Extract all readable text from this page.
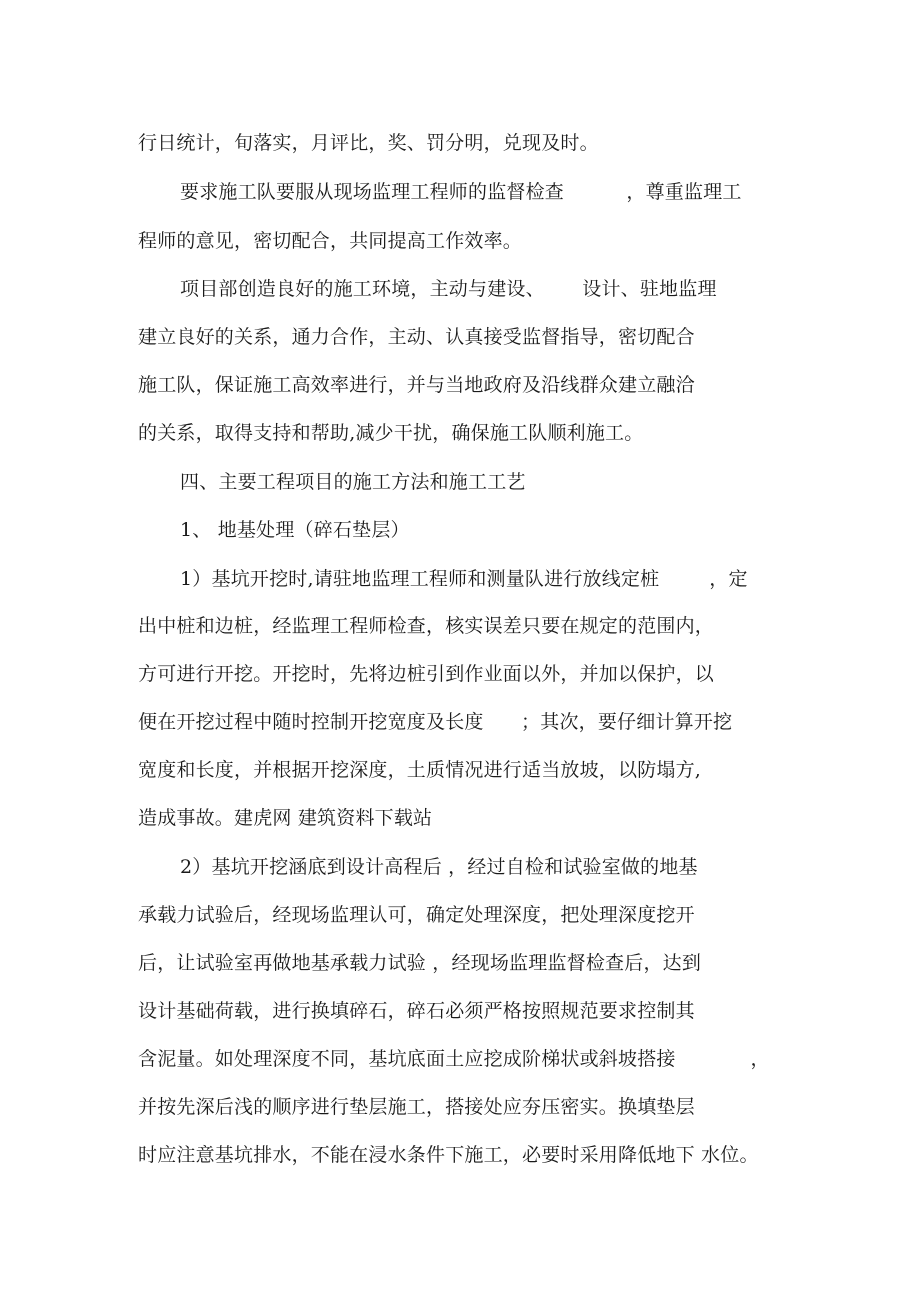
行日统计，旬落实，月评比，奖、罚分明，兑现及时。
要求施工队要服从现场监理工程师的监督检查          ，尊重监理工
程师的意见，密切配合，共同提高工作效率。
项目部创造良好的施工环境，主动与建设、      设计、驻地监理
建立良好的关系，通力合作，主动、认真接受监督指导，密切配合
施工队，保证施工高效率进行，并与当地政府及沿线群众建立融洽
的关系，取得支持和帮助,减少干扰，确保施工队顺利施工。
四、主要工程项目的施工方法和施工工艺
1、 地基处理（碎石垫层）
1）基坑开挖时,请驻地监理工程师和测量队进行放线定桩        ，定
出中桩和边桩，经监理工程师检查，核实误差只要在规定的范围内，
方可进行开挖。开挖时，先将边桩引到作业面以外，并加以保护，以
便在开挖过程中随时控制开挖宽度及长度      ；其次，要仔细计算开挖
宽度和长度，并根据开挖深度，土质情况进行适当放坡，以防塌方,
造成事故。建虎网 建筑资料下载站
2）基坑开挖涵底到设计高程后 ，经过自检和试验室做的地基
承载力试验后，经现场监理认可，确定处理深度，把处理深度挖开
后，让试验室再做地基承载力试验 ，经现场监理监督检查后，达到
设计基础荷载，进行换填碎石，碎石必须严格按照规范要求控制其
含泥量。如处理深度不同，基坑底面土应挖成阶梯状或斜坡搭接            ，
并按先深后浅的顺序进行垫层施工，搭接处应夯压密实。换填垫层
时应注意基坑排水，不能在浸水条件下施工，必要时采用降低地下 水位。
